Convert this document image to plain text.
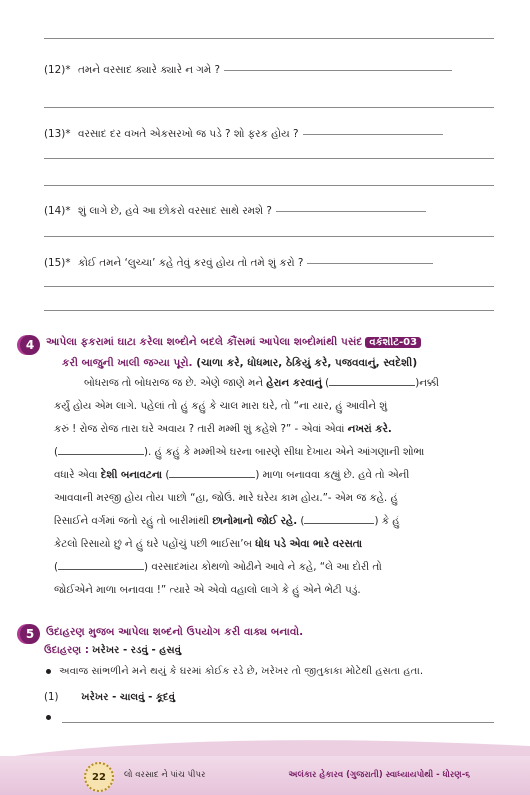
(12)* તમને વરસાદ ક્યારે ક્યારે ન ગમે ?
(13)* વરસાદ દર વખતે એકસરખો જ પડે ? શો ફરક હોય ?
(14)* શું લાગે છે, હવે આ છોકરો વરસાદ સાથે રમશે ?
(15)* કોઈ તમને ‘લુચ્ચા’ કહે તેવું કરવું હોય તો તમે શું કરો ?
4 આપેલા ફકરામાં ઘાટા કરેલા શબ્દોને બદલે કૌંસમાં આપેલા શબ્દોમાંથી પસંદ વર્કશીટ-03
કરી બાજુની ખાલી જગ્યા પૂરો. (ચાળા કરે, ધોધમાર, ઠેકિયું કરે, પજવવાનું, સ્વદેશી)
બોધરાજ તો બોધરાજ જ છે. એણે જાણે મને હેરાન કરવાનું (	)નક્કી
કર્યું હોય એમ લાગે. પહેલાં તો હું કહું કે ચાલ મારા ઘરે, તો “ના યાર, હું આવીને શું
કરું ! રોજ રોજ તારા ઘરે અવાય ? તારી મમ્મી શું કહેશે ?” - એવાં એવાં નખરાં કરે.
(	). હું કહું કે મમ્મીએ ઘરના બારણે સીધા દેખાય એને આંગણાની શોભા
વધારે એવા દેશી બનાવટના (	) માળા બનાવવા કહ્યું છે. હવે તો એની
આવવાની મરજી હોય તોય પાછો “હા, જોઉં. મારે ઘરેય કામ હોય.”- એમ જ કહે. હું
રિસાઈને વર્ગમાં જતો રહું તો બારીમાંથી છાનોમાનો જોઈ રહે. (	) કે હું
કેટલો રિસાયો છું ને હું ઘરે પહોંચું પછી ભાઈસા’બ ધોધ પડે એવા ભારે વરસતા
(	) વરસાદમાંય કોથળો ઓઢીને આવે ને કહે, “લે આ દોરી તો
જોઈએને માળા બનાવવા !” ત્યારે એ એવો વહાલો લાગે કે હું એને ભેટી પડું.
5 ઉદાહરણ મુજબ આપેલા શબ્દનો ઉપયોગ કરી વાક્ય બનાવો.
ઉદાહરણ : ખરેખર - રડવું - હસવું
અવાજ સાંભળીને મને થયું કે ઘરમાં કોઈક રડે છે, ખરેખર તો જીતુકાકા મોટેથી હસતા હતા.
(1) ખરેખર - ચાલવું - કૂદવું
22	લો વરસાદ ને પાંચ પીપર	અલંકાર હેકારવ (ગુજરાતી) સ્વાધ્યાયપોથી - ધોરણ-૬
